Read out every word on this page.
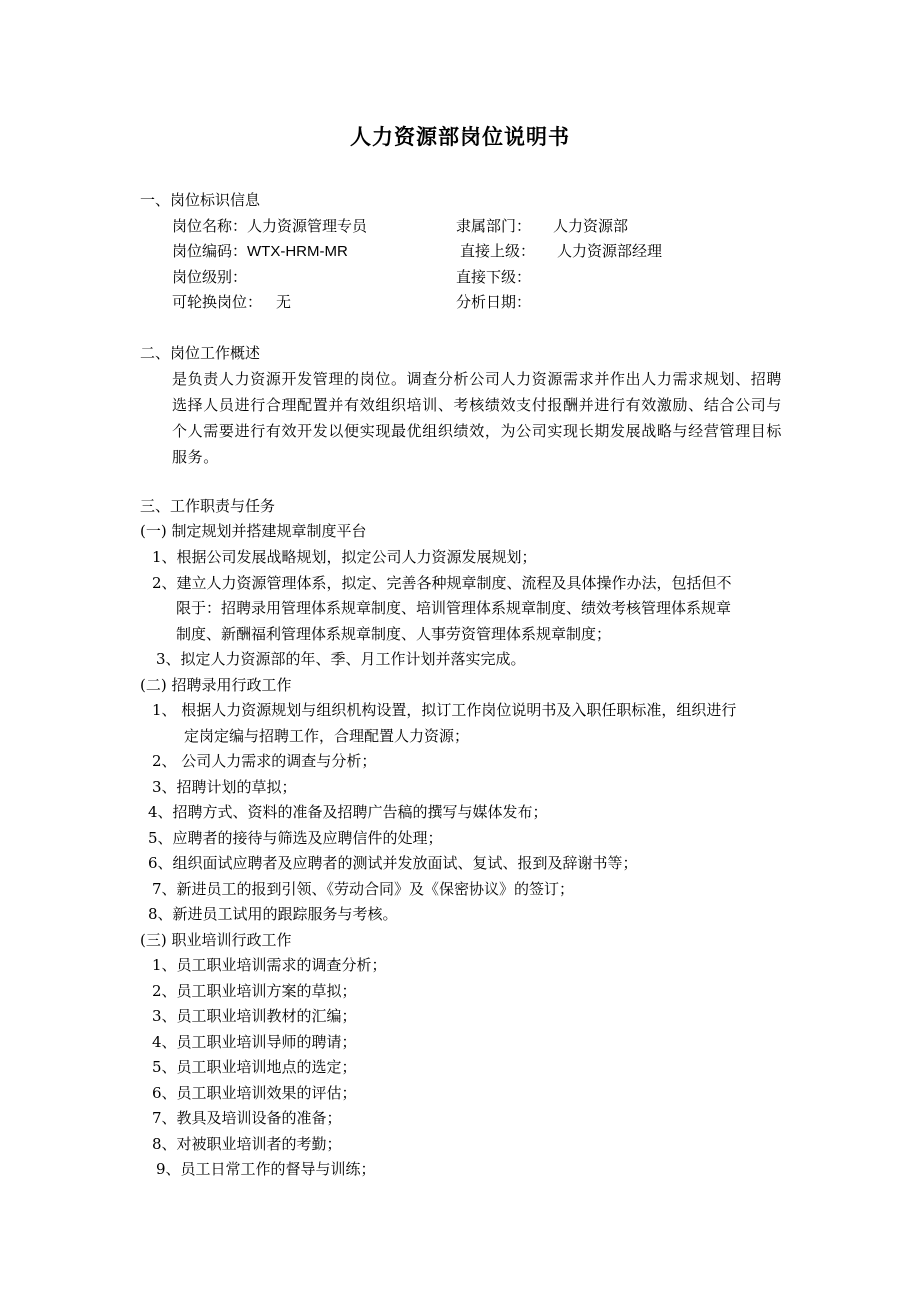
人力资源部岗位说明书
一、岗位标识信息
岗位名称：人力资源管理专员	隶属部门： 人力资源部
岗位编码：WTX-HRM-MR	直接上级： 人力资源部经理
岗位级别：	直接下级：
可轮换岗位： 无	分析日期：
二、岗位工作概述
是负责人力资源开发管理的岗位。调查分析公司人力资源需求并作出人力需求规划、招聘选择人员进行合理配置并有效组织培训、考核绩效支付报酬并进行有效激励、结合公司与个人需要进行有效开发以便实现最优组织绩效，为公司实现长期发展战略与经营管理目标服务。
三、工作职责与任务
(一) 制定规划并搭建规章制度平台
1、根据公司发展战略规划，拟定公司人力资源发展规划；
2、建立人力资源管理体系，拟定、完善各种规章制度、流程及具体操作办法，包括但不
限于：招聘录用管理体系规章制度、培训管理体系规章制度、绩效考核管理体系规章
制度、新酬福利管理体系规章制度、人事劳资管理体系规章制度；
3、拟定人力资源部的年、季、月工作计划并落实完成。
(二) 招聘录用行政工作
1、 根据人力资源规划与组织机构设置，拟订工作岗位说明书及入职任职标准，组织进行
定岗定编与招聘工作，合理配置人力资源；
2、 公司人力需求的调查与分析；
3、招聘计划的草拟；
4、招聘方式、资料的准备及招聘广告稿的撰写与媒体发布；
5、应聘者的接待与筛选及应聘信件的处理；
6、组织面试应聘者及应聘者的测试并发放面试、复试、报到及辞谢书等；
7、新进员工的报到引领、《劳动合同》及《保密协议》的签订；
8、新进员工试用的跟踪服务与考核。
(三) 职业培训行政工作
1、员工职业培训需求的调查分析；
2、员工职业培训方案的草拟；
3、员工职业培训教材的汇编；
4、员工职业培训导师的聘请；
5、员工职业培训地点的选定；
6、员工职业培训效果的评估；
7、教具及培训设备的准备；
8、对被职业培训者的考勤；
9、员工日常工作的督导与训练；
